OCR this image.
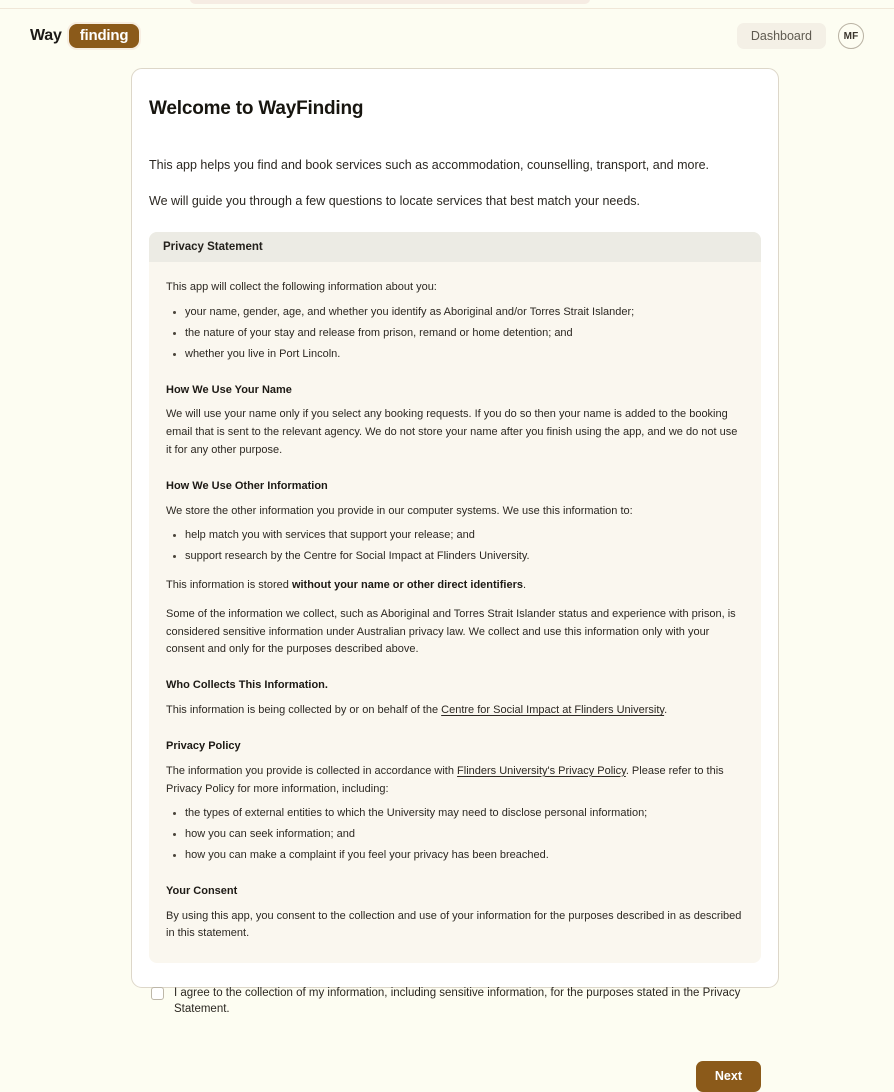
Way	finding	Dashboard	MF
Welcome to WayFinding

This app helps you find and book services such as accommodation, counselling, transport, and more.

We will guide you through a few questions to locate services that best match your needs.

Privacy Statement

This app will collect the following information about you:

your name, gender, age, and whether you identify as Aboriginal and/or Torres Strait Islander;
the nature of your stay and release from prison, remand or home detention; and
whether you live in Port Lincoln.
How We Use Your Name

We will use your name only if you select any booking requests. If you do so then your name is added to the booking email that is sent to the relevant agency. We do not store your name after you finish using the app, and we do not use it for any other purpose.

How We Use Other Information

We store the other information you provide in our computer systems. We use this information to:

help match you with services that support your release; and
support research by the Centre for Social Impact at Flinders University.

This information is stored without your name or other direct identifiers.

Some of the information we collect, such as Aboriginal and Torres Strait Islander status and experience with prison, is considered sensitive information under Australian privacy law. We collect and use this information only with your consent and only for the purposes described above.

Who Collects This Information.

This information is being collected by or on behalf of the Centre for Social Impact at Flinders University.

Privacy Policy

The information you provide is collected in accordance with Flinders University's Privacy Policy. Please refer to this Privacy Policy for more information, including:

the types of external entities to which the University may need to disclose personal information;
how you can seek information; and
how you can make a complaint if you feel your privacy has been breached.
Your Consent

By using this app, you consent to the collection and use of your information for the purposes described in as described in this statement.

I agree to the collection of my information, including sensitive information, for the purposes stated in the Privacy Statement.
Next
